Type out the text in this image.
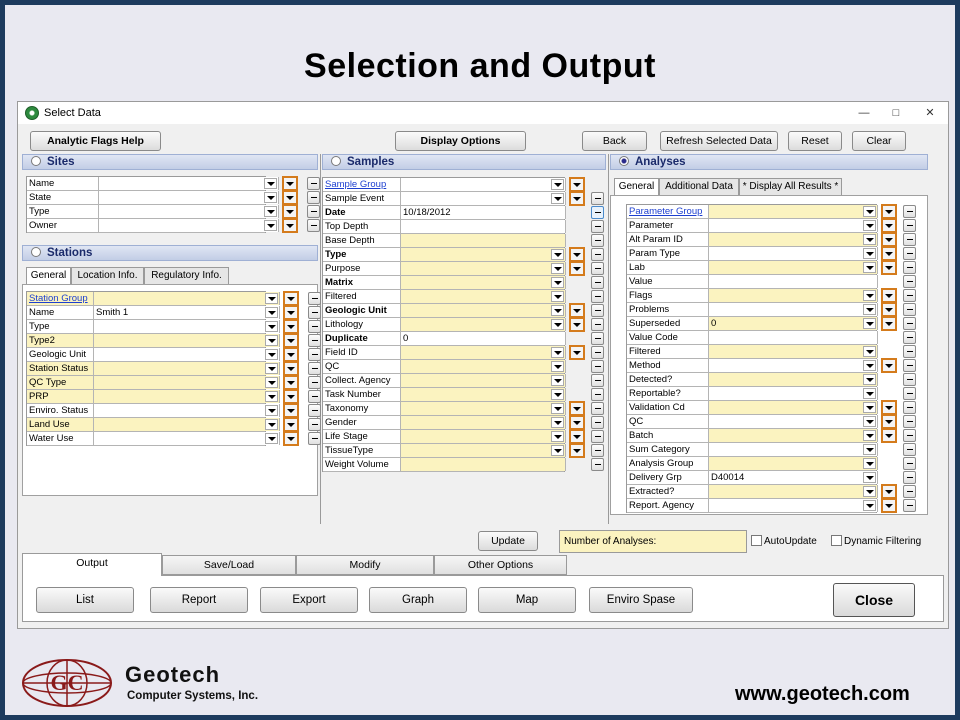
Selection and Output
Select Data	—	□	✕
Analytic Flags Help	Display Options	Back	Refresh Selected Data	Reset	Clear
Sites
Name
State
Type
Owner
Stations
General	Location Info.	Regulatory Info.
Station Group
Name	Smith 1
Type
Type2
Geologic Unit
Station Status
QC Type
PRP
Enviro. Status
Land Use
Water Use
Samples
Sample Group
Sample Event
Date	10/18/2012
Top Depth
Base Depth
Type
Purpose
Matrix
Filtered
Geologic Unit
Lithology
Duplicate	0
Field ID
QC
Collect. Agency
Task Number
Taxonomy
Gender
Life Stage
TissueType
Weight Volume
Analyses
General	Additional Data * Display All Results *
Parameter Group
Parameter
Alt Param ID
Param Type
Lab
Value
Flags
Problems
Superseded	0
Value Code
Filtered
Method
Detected?
Reportable?
Validation Cd
QC
Batch
Sum Category
Analysis Group
Delivery Grp	D40014
Extracted?
Report. Agency
Update	Number of Analyses:	AutoUpdate	Dynamic Filtering
Output	Save/Load	Modify	Other Options
List	Report	Export	Graph	Map	Enviro Spase	Close
GC Geotech
Computer Systems, Inc.	www.geotech.com
